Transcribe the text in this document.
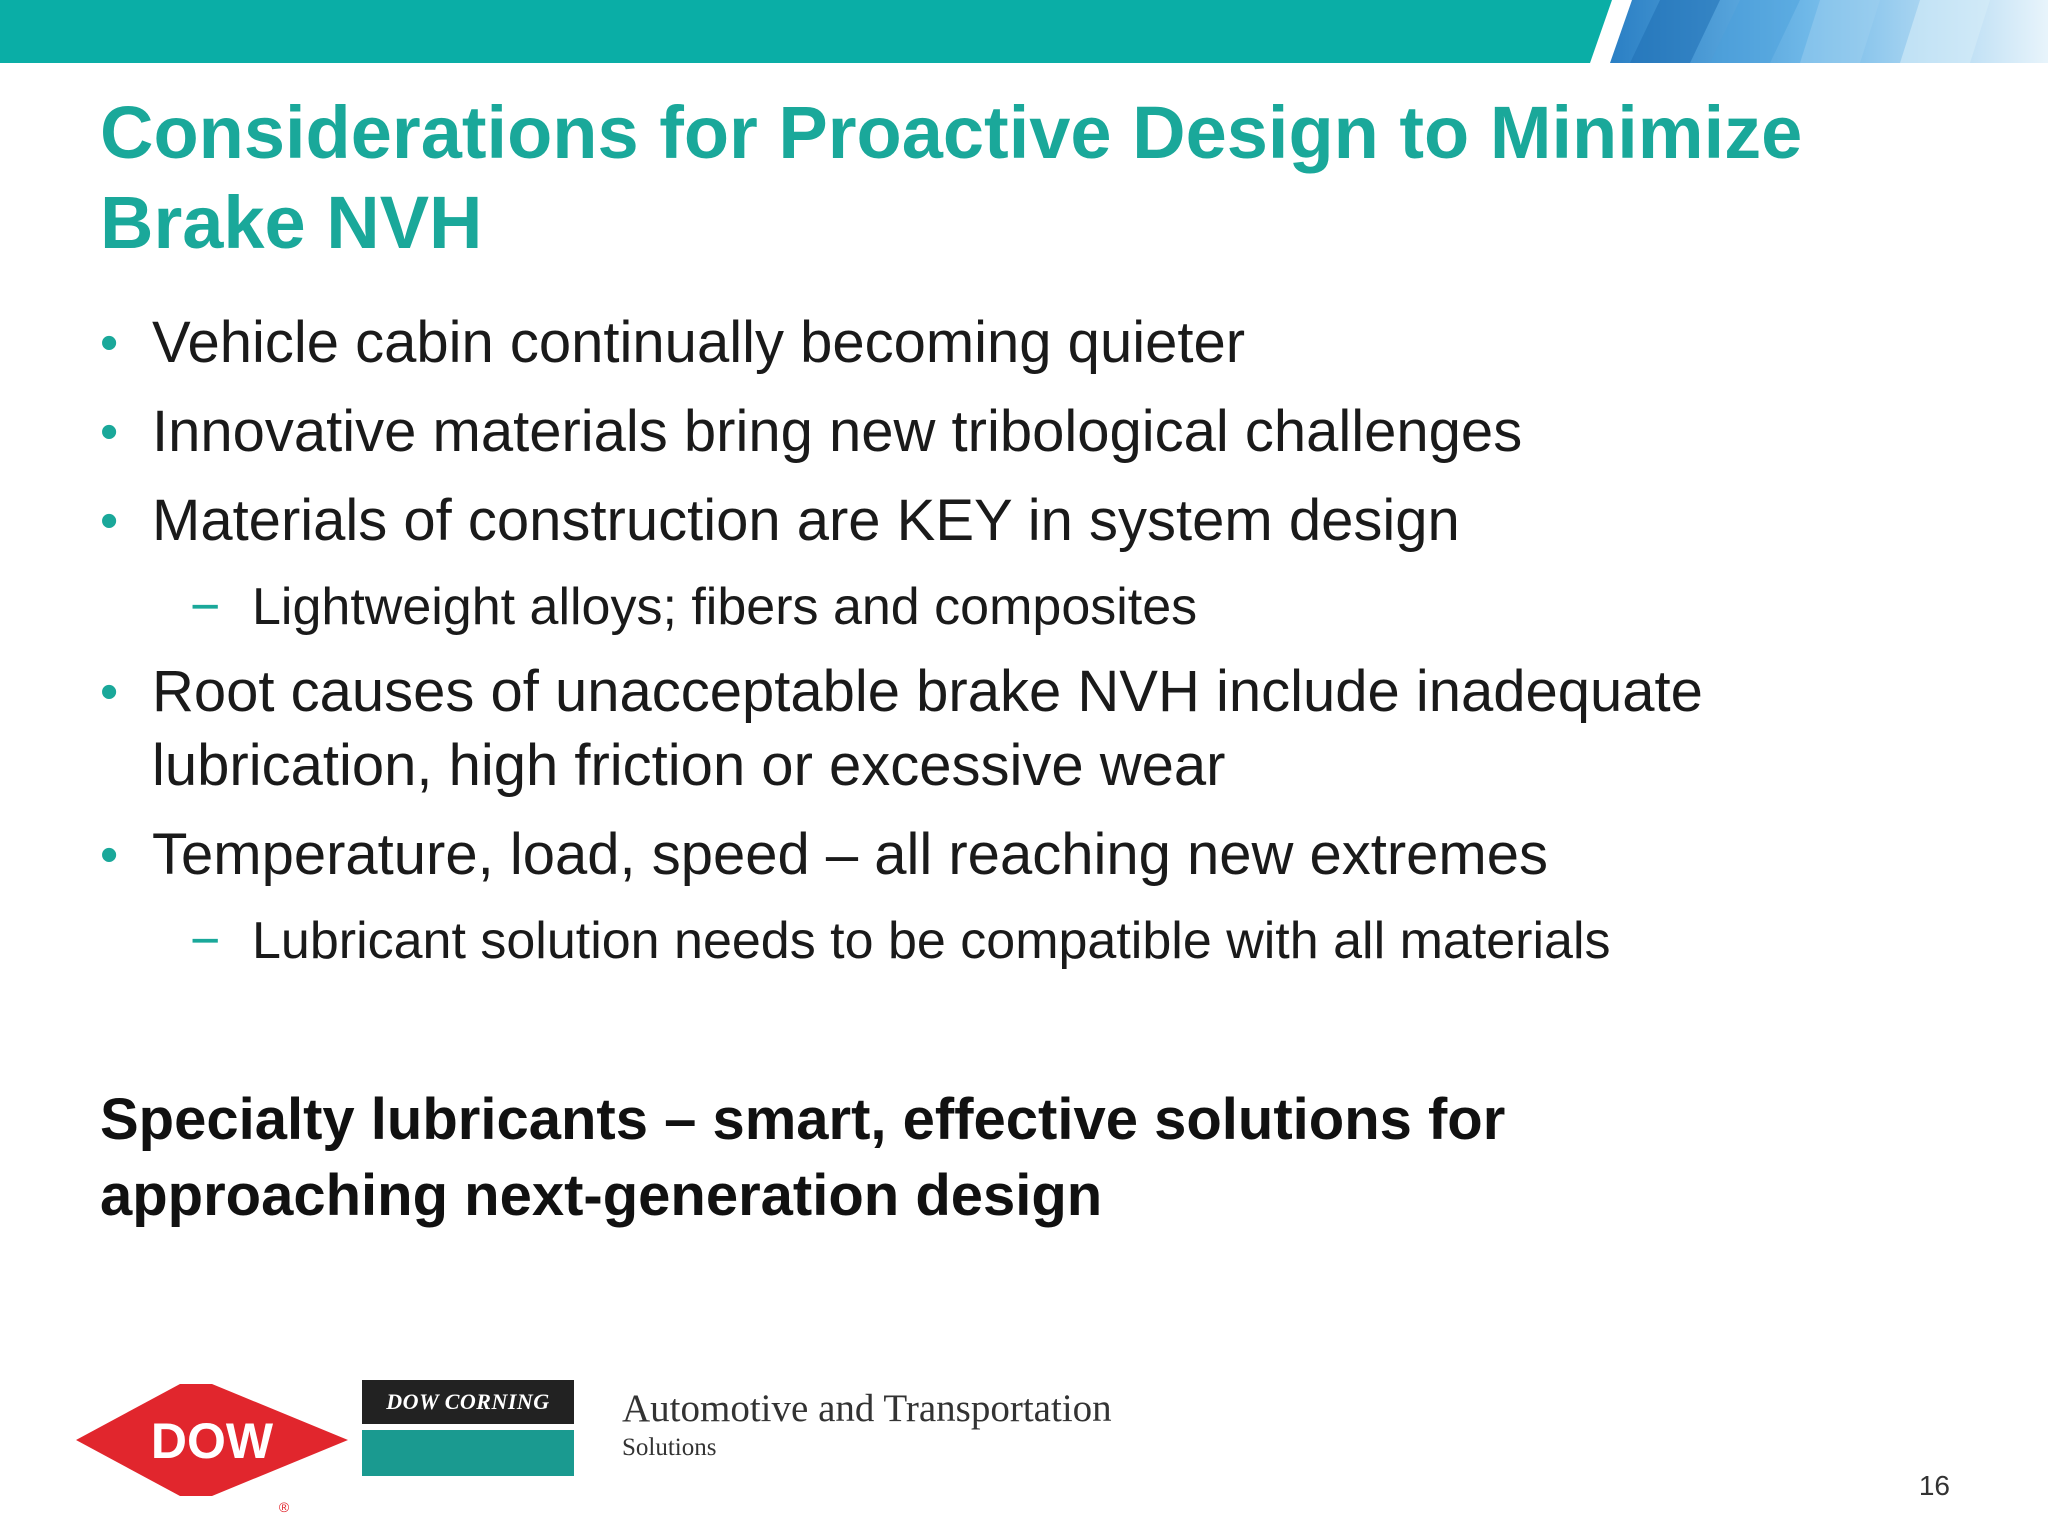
Considerations for Proactive Design to Minimize Brake NVH
• Vehicle cabin continually becoming quieter
• Innovative materials bring new tribological challenges
• Materials of construction are KEY in system design
− Lightweight alloys; fibers and composites
• Root causes of unacceptable brake NVH include inadequate lubrication, high friction or excessive wear
• Temperature, load, speed – all reaching new extremes
− Lubricant solution needs to be compatible with all materials
Specialty lubricants – smart, effective solutions for approaching next-generation design
DOW
®
DOW CORNING	Automotive and Transportation
Solutions
16
